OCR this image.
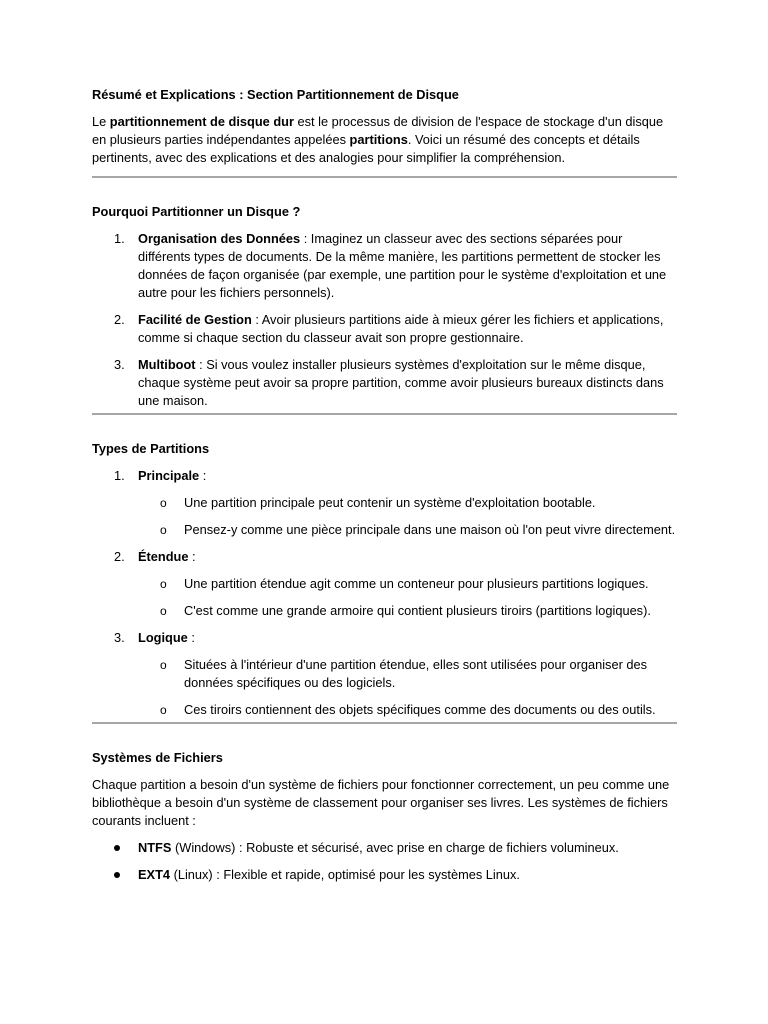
Résumé et Explications : Section Partitionnement de Disque

Le partitionnement de disque dur est le processus de division de l'espace de stockage d'un disque en plusieurs parties indépendantes appelées partitions. Voici un résumé des concepts et détails pertinents, avec des explications et des analogies pour simplifier la compréhension.

Pourquoi Partitionner un Disque ?

1. Organisation des Données : Imaginez un classeur avec des sections séparées pour différents types de documents. De la même manière, les partitions permettent de stocker les données de façon organisée (par exemple, une partition pour le système d'exploitation et une autre pour les fichiers personnels).
2. Facilité de Gestion : Avoir plusieurs partitions aide à mieux gérer les fichiers et applications, comme si chaque section du classeur avait son propre gestionnaire.
3. Multiboot : Si vous voulez installer plusieurs systèmes d'exploitation sur le même disque, chaque système peut avoir sa propre partition, comme avoir plusieurs bureaux distincts dans une maison.

Types de Partitions

1. Principale :
o Une partition principale peut contenir un système d'exploitation bootable.
o Pensez-y comme une pièce principale dans une maison où l'on peut vivre directement.
2. Étendue :
o Une partition étendue agit comme un conteneur pour plusieurs partitions logiques.
o C'est comme une grande armoire qui contient plusieurs tiroirs (partitions logiques).
3. Logique :
o Situées à l'intérieur d'une partition étendue, elles sont utilisées pour organiser des données spécifiques ou des logiciels.
o Ces tiroirs contiennent des objets spécifiques comme des documents ou des outils.

Systèmes de Fichiers

Chaque partition a besoin d'un système de fichiers pour fonctionner correctement, un peu comme une bibliothèque a besoin d'un système de classement pour organiser ses livres. Les systèmes de fichiers courants incluent :

NTFS (Windows) : Robuste et sécurisé, avec prise en charge de fichiers volumineux.
EXT4 (Linux) : Flexible et rapide, optimisé pour les systèmes Linux.
